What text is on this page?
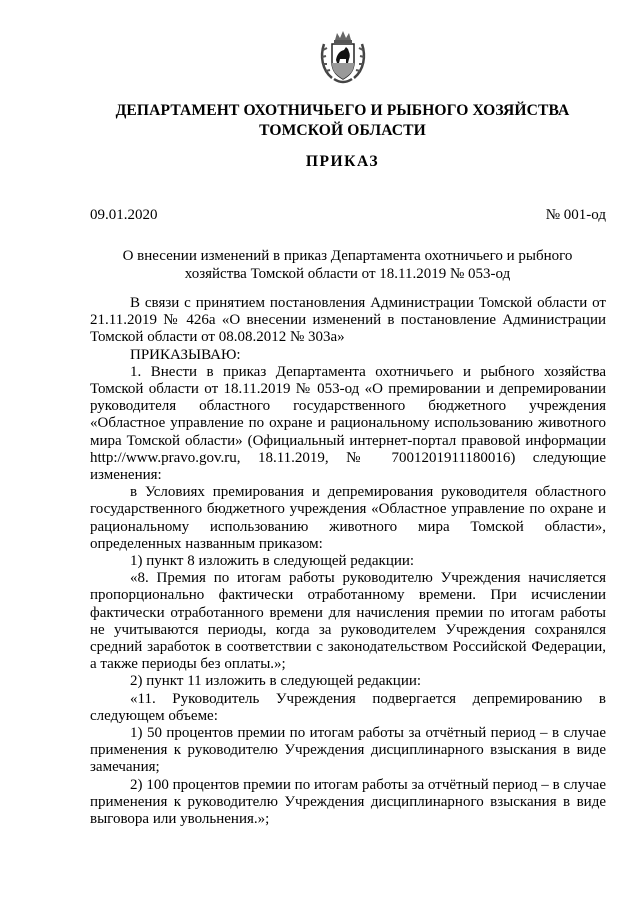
ДЕПАРТАМЕНТ ОХОТНИЧЬЕГО И РЫБНОГО ХОЗЯЙСТВА
ТОМСКОЙ ОБЛАСТИ
ПРИКАЗ
09.01.2020	№ 001-од
О внесении изменений в приказ Департамента охотничьего и рыбного
хозяйства Томской области от 18.11.2019 № 053-од

В связи с принятием постановления Администрации Томской области от 21.11.2019 № 426а «О внесении изменений в постановление Администрации Томской области от 08.08.2012 № 303а»

ПРИКАЗЫВАЮ:

1. Внести в приказ Департамента охотничьего и рыбного хозяйства Томской области от 18.11.2019 № 053-од «О премировании и депремировании руководителя областного государственного бюджетного учреждения «Областное управление по охране и рациональному использованию животного мира Томской области» (Официальный интернет-портал правовой информации http://www.pravo.gov.ru, 18.11.2019, № 7001201911180016) следующие изменения:

в Условиях премирования и депремирования руководителя областного государственного бюджетного учреждения «Областное управление по охране и рациональному использованию животного мира Томской области», определенных названным приказом:

1) пункт 8 изложить в следующей редакции:

«8. Премия по итогам работы руководителю Учреждения начисляется пропорционально фактически отработанному времени. При исчислении фактически отработанного времени для начисления премии по итогам работы не учитываются периоды, когда за руководителем Учреждения сохранялся средний заработок в соответствии с законодательством Российской Федерации, а также периоды без оплаты.»;

2) пункт 11 изложить в следующей редакции:

«11. Руководитель Учреждения подвергается депремированию в следующем объеме:

1) 50 процентов премии по итогам работы за отчётный период – в случае применения к руководителю Учреждения дисциплинарного взыскания в виде замечания;

2) 100 процентов премии по итогам работы за отчётный период – в случае применения к руководителю Учреждения дисциплинарного взыскания в виде выговора или увольнения.»;
